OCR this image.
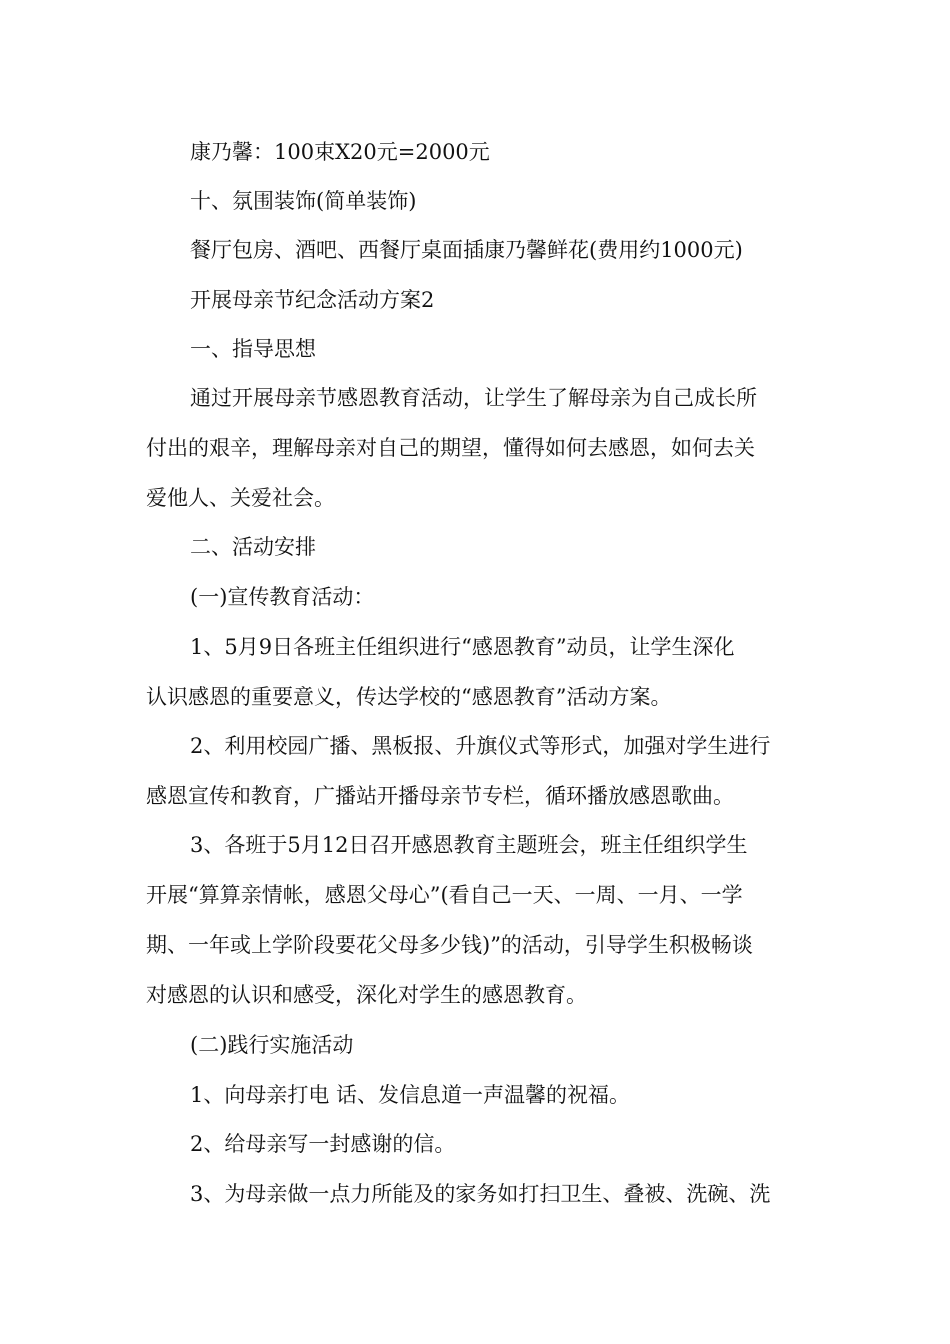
康乃馨：100束X20元=2000元
十、氛围装饰(简单装饰)
餐厅包房、酒吧、西餐厅桌面插康乃馨鲜花(费用约1000元)
开展母亲节纪念活动方案2
一、指导思想
通过开展母亲节感恩教育活动，让学生了解母亲为自己成长所
付出的艰辛，理解母亲对自己的期望，懂得如何去感恩，如何去关
爱他人、关爱社会。
二、活动安排
(一)宣传教育活动：
1、5月9日各班主任组织进行“感恩教育”动员，让学生深化
认识感恩的重要意义，传达学校的“感恩教育”活动方案。
2、利用校园广播、黑板报、升旗仪式等形式，加强对学生进行
感恩宣传和教育，广播站开播母亲节专栏，循环播放感恩歌曲。
3、各班于5月12日召开感恩教育主题班会，班主任组织学生
开展“算算亲情帐，感恩父母心”(看自己一天、一周、一月、一学
期、一年或上学阶段要花父母多少钱)”的活动，引导学生积极畅谈
对感恩的认识和感受，深化对学生的感恩教育。
(二)践行实施活动
1、向母亲打电 话、发信息道一声温馨的祝福。
2、给母亲写一封感谢的信。
3、为母亲做一点力所能及的家务如打扫卫生、叠被、洗碗、洗
